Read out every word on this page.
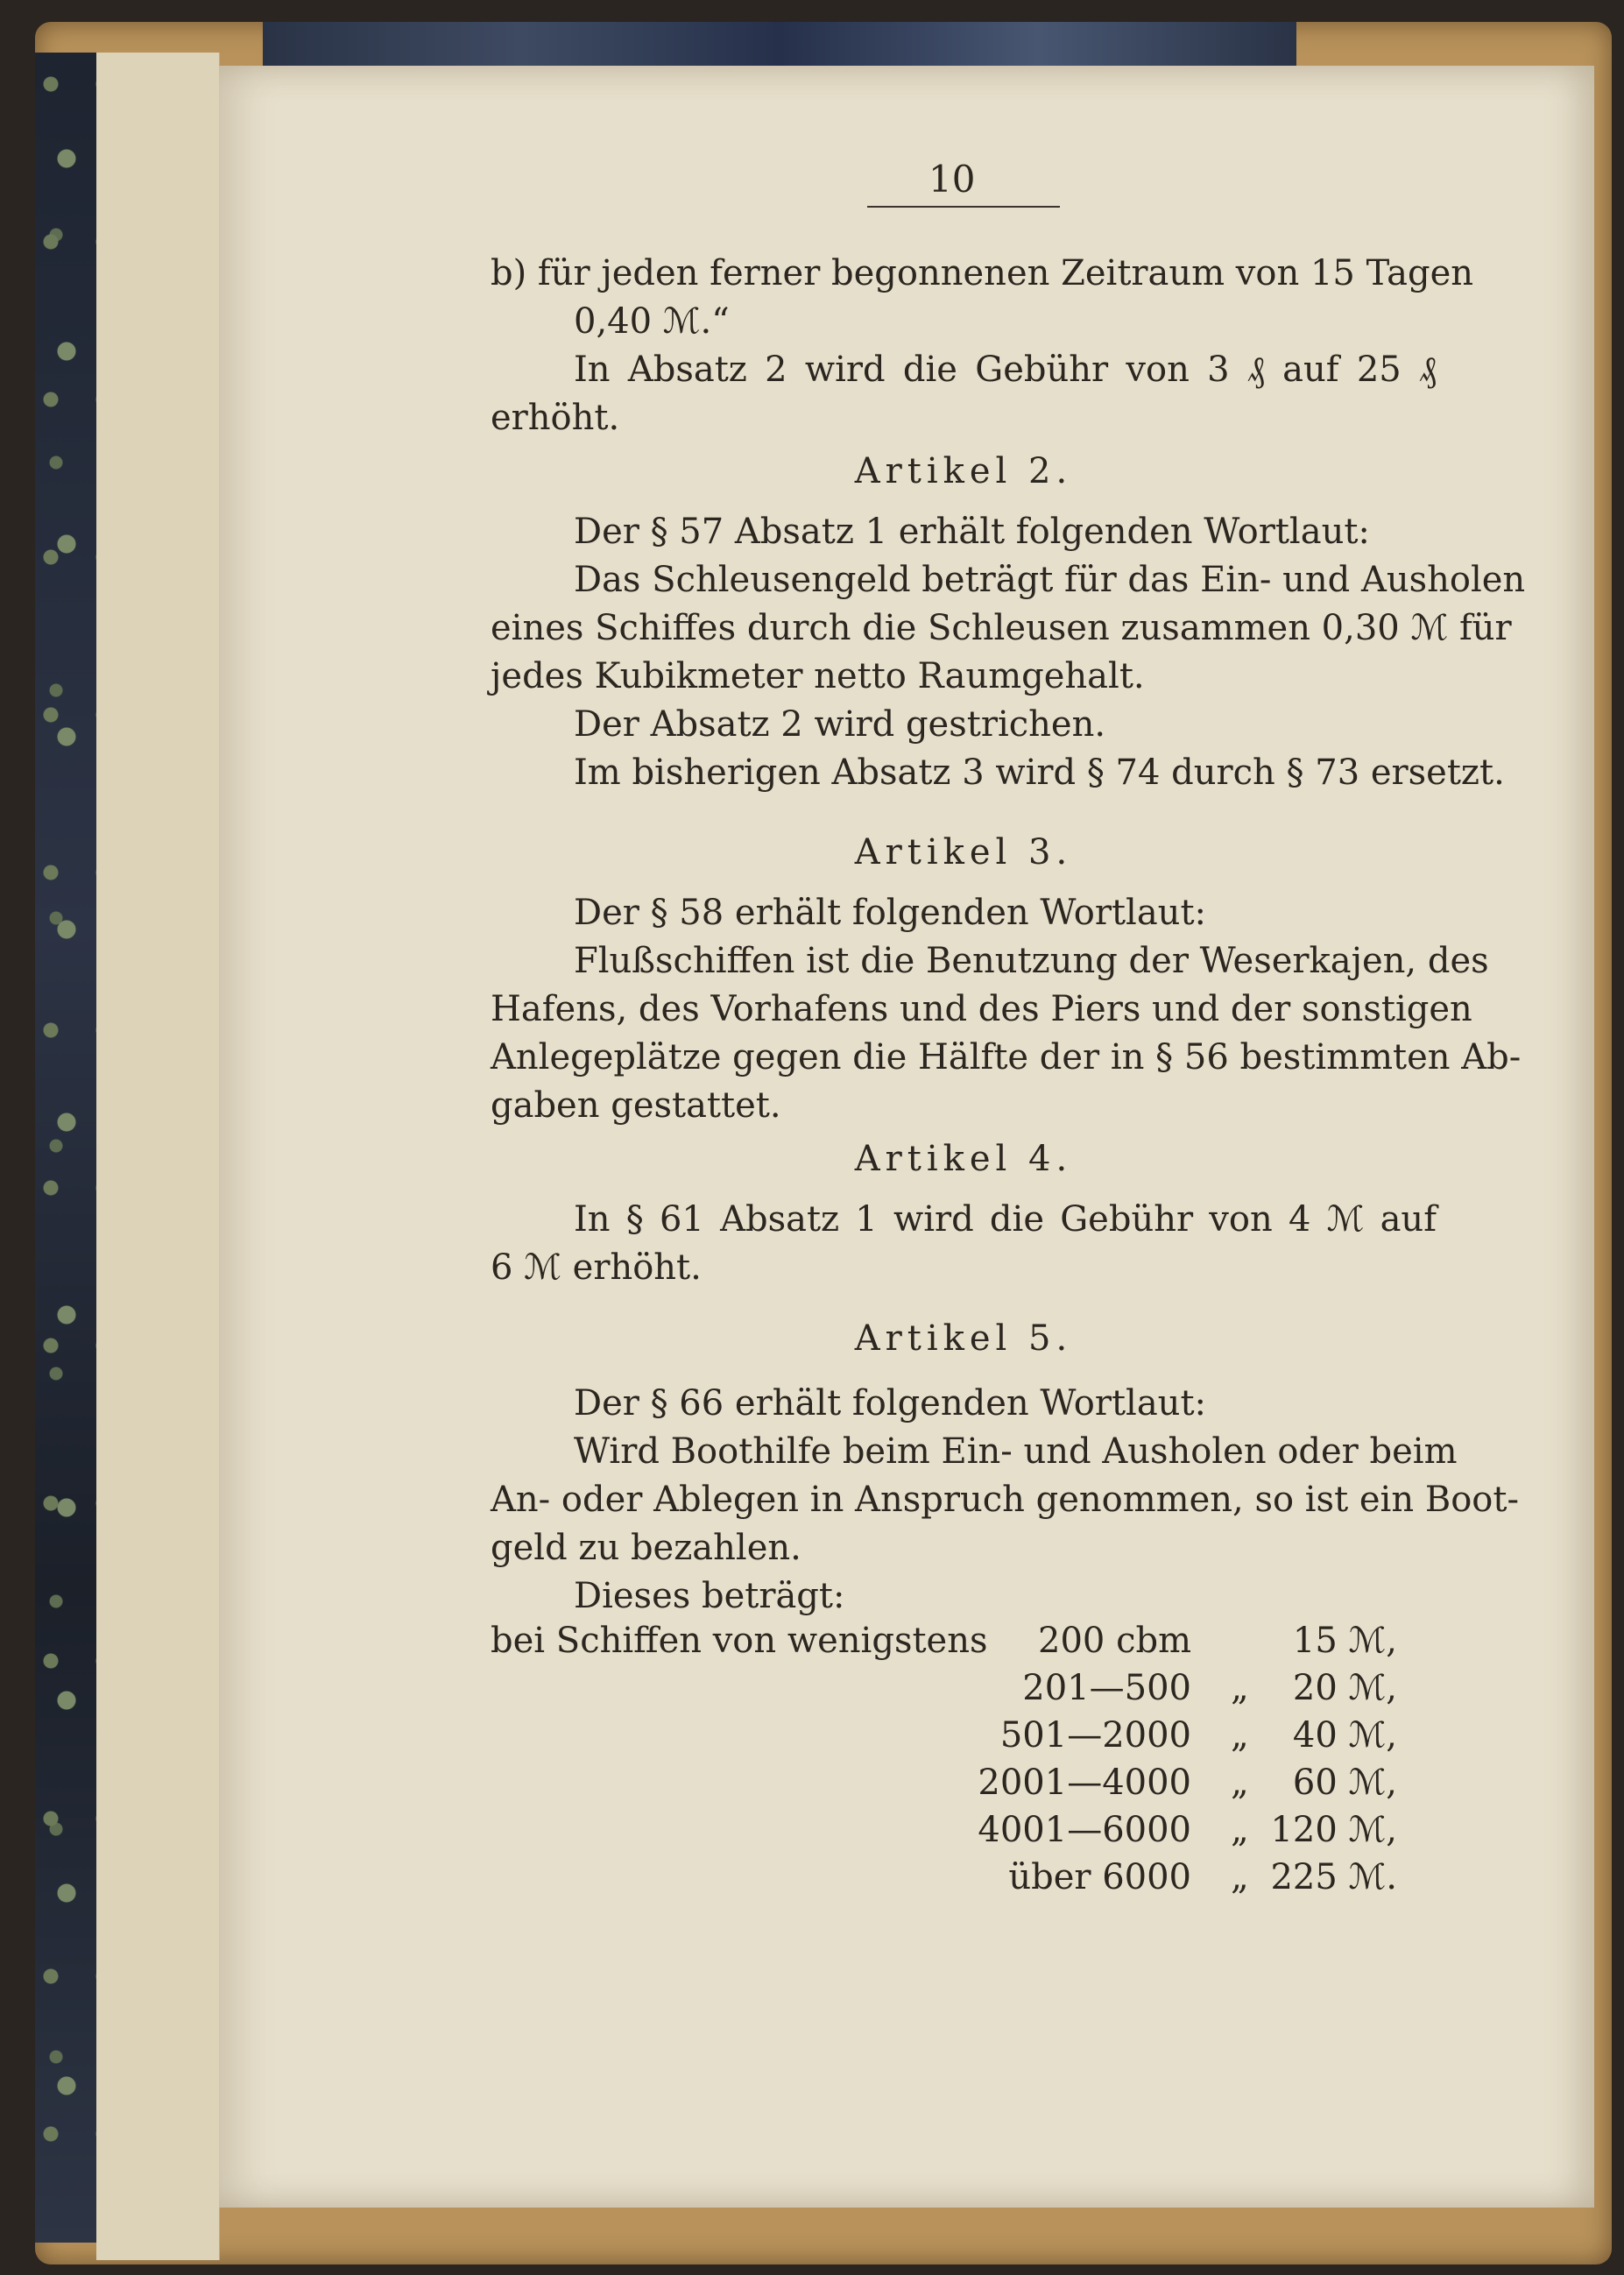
10
b) für jeden ferner begonnenen Zeitraum von 15 Tagen
0,40 ℳ.“
In Absatz 2 wird die Gebühr von 3 ₰ auf 25 ₰
erhöht.
Der § 57 Absatz 1 erhält folgenden Wortlaut:
Das Schleusengeld beträgt für das Ein- und Ausholen
eines Schiffes durch die Schleusen zusammen 0,30 ℳ für
jedes Kubikmeter netto Raumgehalt.
Der Absatz 2 wird gestrichen.
Im bisherigen Absatz 3 wird § 74 durch § 73 ersetzt.
Der § 58 erhält folgenden Wortlaut:
Flußschiffen ist die Benutzung der Weserkajen, des
Hafens, des Vorhafens und des Piers und der sonstigen
Anlegeplätze gegen die Hälfte der in § 56 bestimmten Ab-
gaben gestattet.
In § 61 Absatz 1 wird die Gebühr von 4 ℳ auf
6 ℳ erhöht.
Der § 66 erhält folgenden Wortlaut:
Wird Boothilfe beim Ein- und Ausholen oder beim
An- oder Ablegen in Anspruch genommen, so ist ein Boot-
geld zu bezahlen.
Dieses beträgt:
Artikel 2.
Artikel 3.
Artikel 4.
Artikel 5.
bei Schiffen von wenigstens	200 cbm	15 ℳ,
201—500 „	20 ℳ,
501—2000 „	40 ℳ,
2001—4000 „	60 ℳ,
4001—6000 „ 120 ℳ,
über 6000 „ 225 ℳ.
